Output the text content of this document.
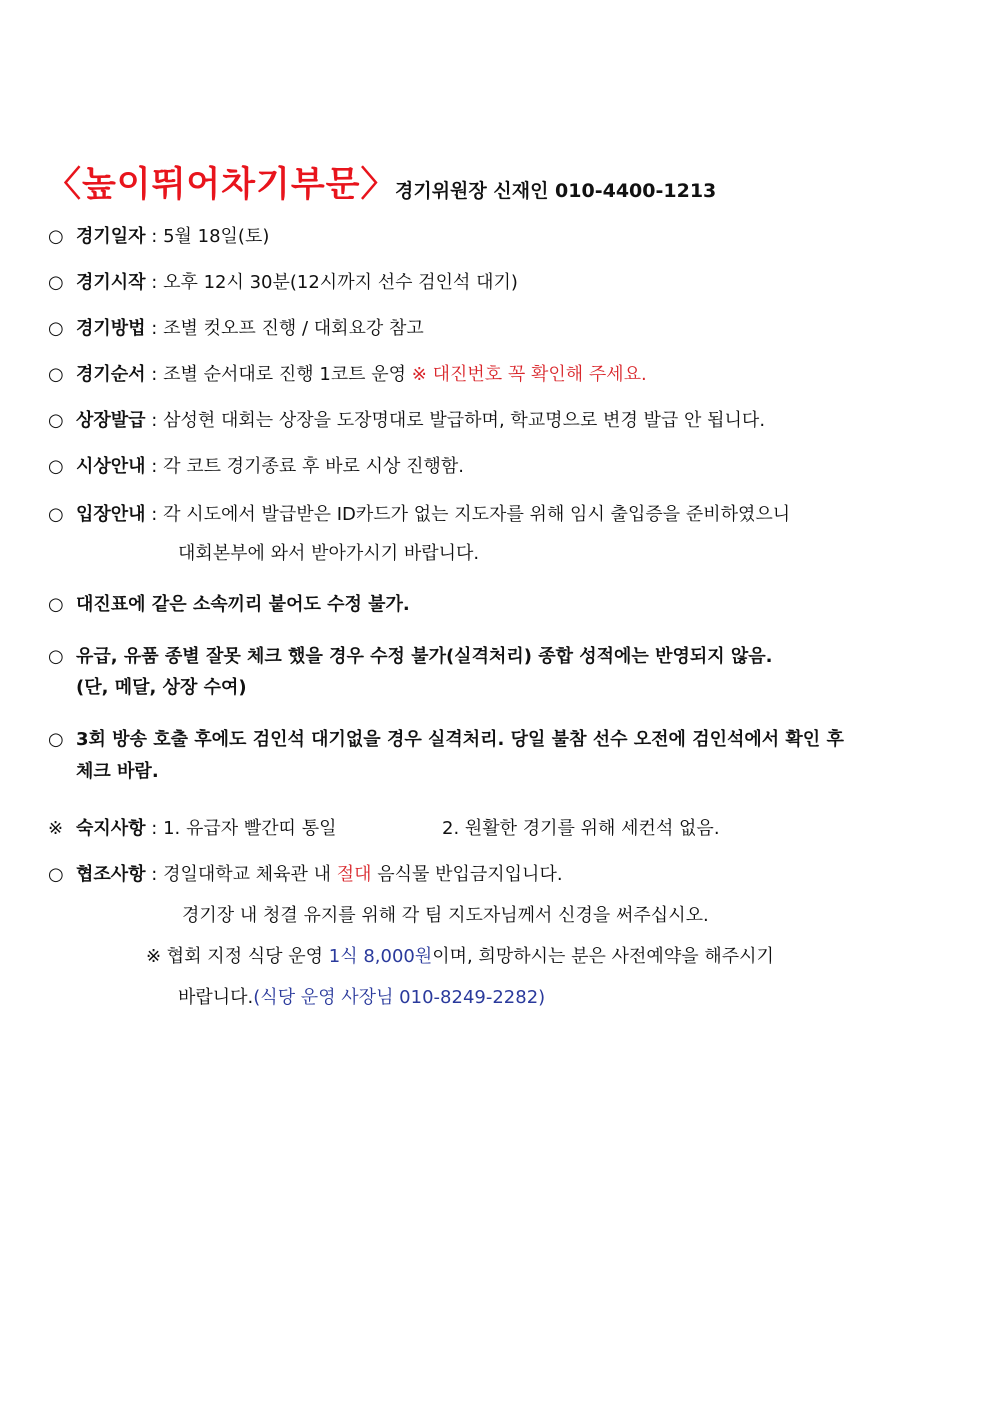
〈높이뛰어차기부문〉
경기위원장 신재인 010-4400-1213
○ 경기일자 : 5월 18일(토)
○ 경기시작 : 오후 12시 30분(12시까지 선수 검인석 대기)
○ 경기방법 : 조별 컷오프 진행 / 대회요강 참고
○ 경기순서 : 조별 순서대로 진행 1코트 운영 ※ 대진번호 꼭 확인해 주세요.
○ 상장발급 : 삼성현 대회는 상장을 도장명대로 발급하며, 학교명으로 변경 발급 안 됩니다.
○ 시상안내 : 각 코트 경기종료 후 바로 시상 진행함.
○ 입장안내 : 각 시도에서 발급받은 ID카드가 없는 지도자를 위해 임시 출입증을 준비하였으니
대회본부에 와서 받아가시기 바랍니다.
○ 대진표에 같은 소속끼리 붙어도 수정 불가.
○ 유급, 유품 종별 잘못 체크 했을 경우 수정 불가(실격처리) 종합 성적에는 반영되지 않음.
(단, 메달, 상장 수여)
○ 3회 방송 호출 후에도 검인석 대기없을 경우 실격처리. 당일 불참 선수 오전에 검인석에서 확인 후
체크 바람.
※ 숙지사항 : 1. 유급자 빨간띠 통일	2. 원활한 경기를 위해 세컨석 없음.
○ 협조사항 : 경일대학교 체육관 내 절대 음식물 반입금지입니다.
경기장 내 청결 유지를 위해 각 팀 지도자님께서 신경을 써주십시오.
※ 협회 지정 식당 운영 1식 8,000원이며, 희망하시는 분은 사전예약을 해주시기
바랍니다.(식당 운영 사장님 010-8249-2282)
